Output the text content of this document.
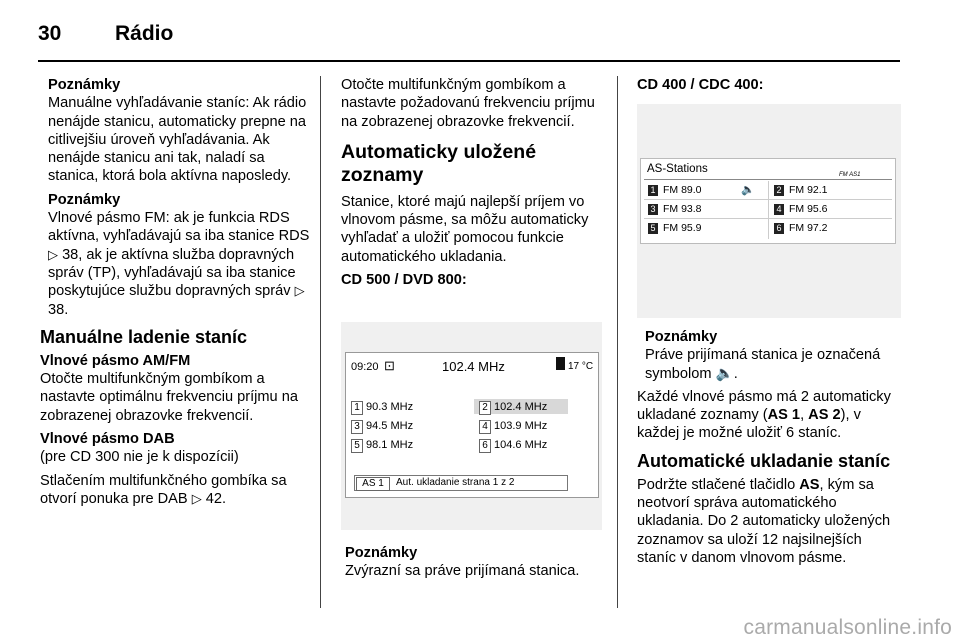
30	Rádio
Poznámky

Manuálne vyhľadávanie staníc: Ak rádio nenájde stanicu, automaticky prepne na citlivejšiu úroveň vyhľadávania. Ak nenájde stanicu ani tak, naladí sa stanica, ktorá bola aktívna naposledy.

Poznámky

Vlnové pásmo FM: ak je funkcia RDS aktívna, vyhľadávajú sa iba stanice RDS ▷ 38, ak je aktívna služba dopravných správ (TP), vyhľadávajú sa iba stanice poskytujúce službu dopravných správ ▷ 38.

Manuálne ladenie staníc

Vlnové pásmo AM/FM

Otočte multifunkčným gombíkom a nastavte optimálnu frekvenciu príjmu na zobrazenej obrazovke frekvencií.

Vlnové pásmo DAB

(pre CD 300 nie je k dispozícii)

Stlačením multifunkčného gombíka sa otvorí ponuka pre DAB ▷ 42.

Otočte multifunkčným gombíkom a nastavte požadovanú frekvenciu príjmu na zobrazenej obrazovke frekvencií.

Automaticky uložené zoznamy

Stanice, ktoré majú najlepší príjem vo vlnovom pásme, sa môžu automaticky vyhľadať a uložiť pomocou funkcie automatického ukladania.

CD 500 / DVD 800:
09:20 ⊡	102.4 MHz	17 °C
1 90.3 MHz	2 102.4 MHz
3 94.5 MHz	4 103.9 MHz
5 98.1 MHz	6 104.6 MHz
AS 1	Aut. ukladanie strana 1 z 2
Poznámky

Zvýrazní sa práve prijímaná stanica.

CD 400 / CDC 400:
AS-Stations	FM AS1
1 FM 89.0	🔈 2 FM 92.1
3 FM 93.8	4 FM 95.6
5 FM 95.9	6 FM 97.2
Poznámky

Práve prijímaná stanica je označená symbolom 🔈.

Každé vlnové pásmo má 2 automaticky ukladané zoznamy (AS 1, AS 2), v každej je možné uložiť 6 staníc.

Automatické ukladanie staníc

Podržte stlačené tlačidlo AS, kým sa neotvorí správa automatického ukladania. Do 2 automaticky uložených zoznamov sa uloží 12 najsilnejších staníc v danom vlnovom pásme.

carmanualsonline.info
